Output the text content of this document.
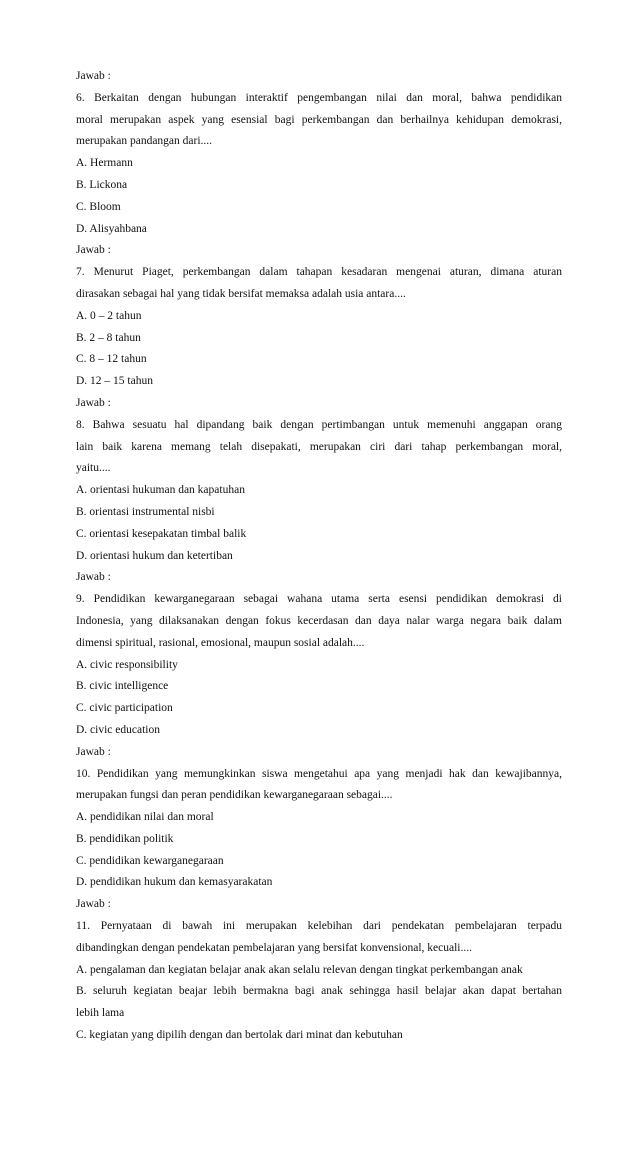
Jawab :
6. Berkaitan dengan hubungan interaktif pengembangan nilai dan moral, bahwa pendidikan
moral merupakan aspek yang esensial bagi perkembangan dan berhailnya kehidupan demokrasi,
merupakan pandangan dari....
A. Hermann
B. Lickona
C. Bloom
D. Alisyahbana
Jawab :
7. Menurut Piaget, perkembangan dalam tahapan kesadaran mengenai aturan, dimana aturan
dirasakan sebagai hal yang tidak bersifat memaksa adalah usia antara....
A. 0 – 2 tahun
B. 2 – 8 tahun
C. 8 – 12 tahun
D. 12 – 15 tahun
Jawab :
8. Bahwa sesuatu hal dipandang baik dengan pertimbangan untuk memenuhi anggapan orang
lain baik karena memang telah disepakati, merupakan ciri dari tahap perkembangan moral,
yaitu....
A. orientasi hukuman dan kapatuhan
B. orientasi instrumental nisbi
C. orientasi kesepakatan timbal balik
D. orientasi hukum dan ketertiban
Jawab :
9. Pendidikan kewarganegaraan sebagai wahana utama serta esensi pendidikan demokrasi di
Indonesia, yang dilaksanakan dengan fokus kecerdasan dan daya nalar warga negara baik dalam
dimensi spiritual, rasional, emosional, maupun sosial adalah....
A. civic responsibility
B. civic intelligence
C. civic participation
D. civic education
Jawab :
10. Pendidikan yang memungkinkan siswa mengetahui apa yang menjadi hak dan kewajibannya,
merupakan fungsi dan peran pendidikan kewarganegaraan sebagai....
A. pendidikan nilai dan moral
B. pendidikan politik
C. pendidikan kewarganegaraan
D. pendidikan hukum dan kemasyarakatan
Jawab :
11. Pernyataan di bawah ini merupakan kelebihan dari pendekatan pembelajaran terpadu
dibandingkan dengan pendekatan pembelajaran yang bersifat konvensional, kecuali....
A. pengalaman dan kegiatan belajar anak akan selalu relevan dengan tingkat perkembangan anak
B. seluruh kegiatan beajar lebih bermakna bagi anak sehingga hasil belajar akan dapat bertahan
lebih lama
C. kegiatan yang dipilih dengan dan bertolak dari minat dan kebutuhan
